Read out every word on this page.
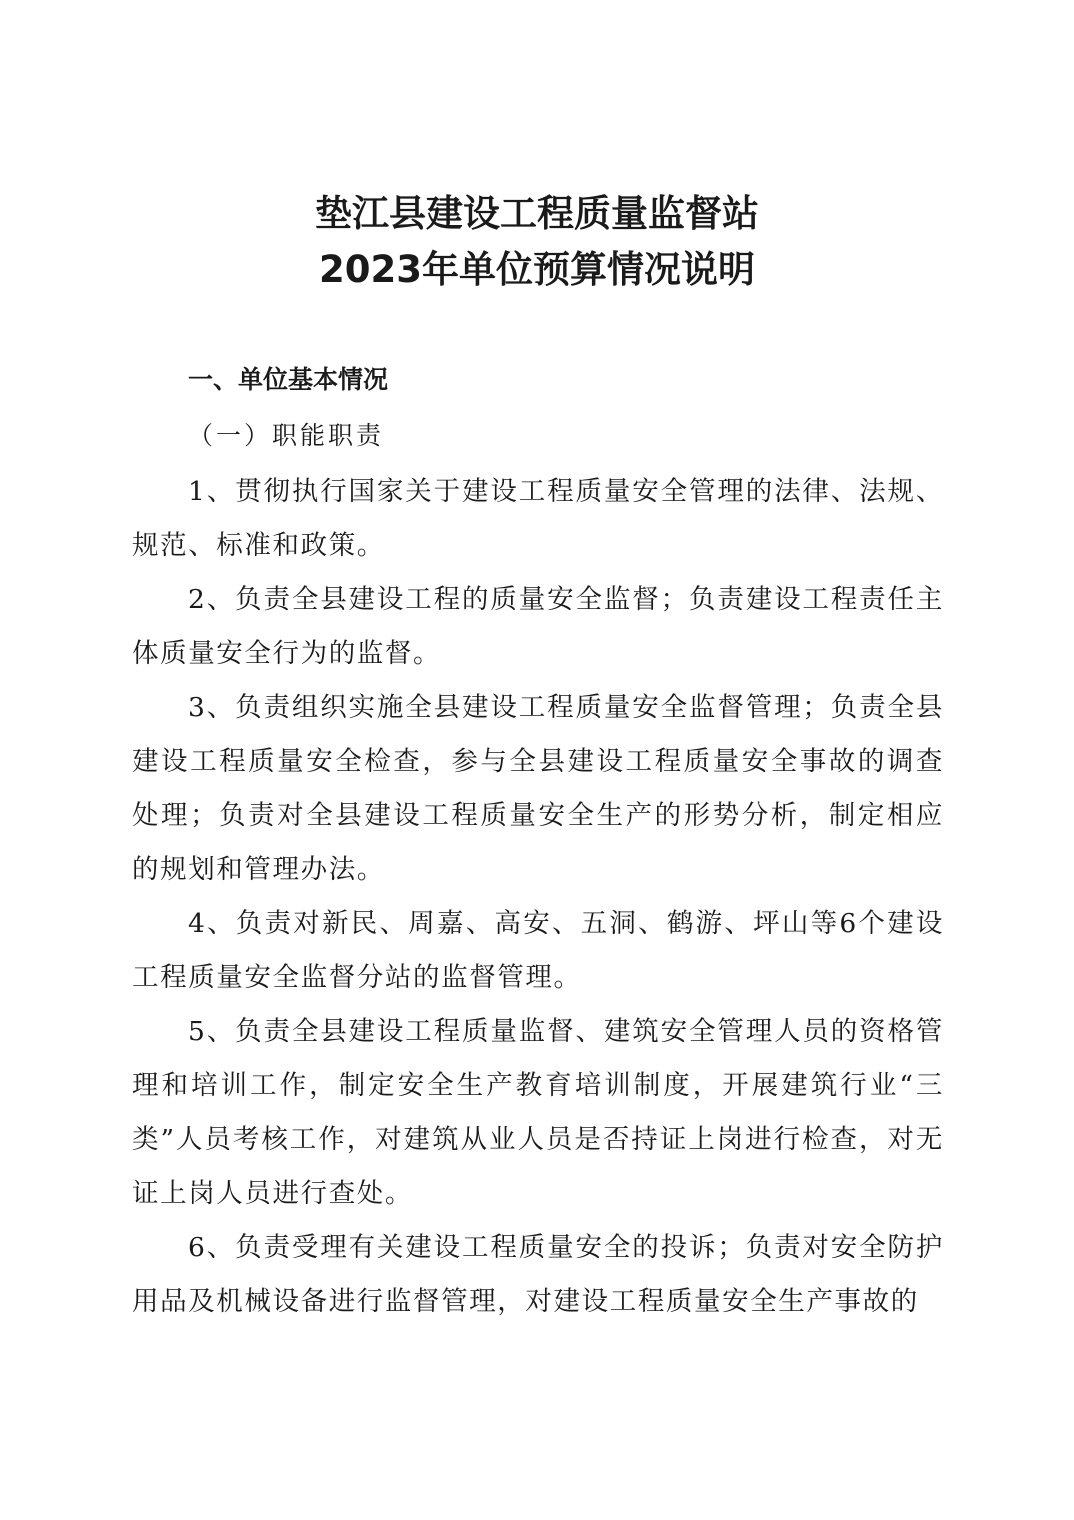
垫江县建设工程质量监督站
2023年单位预算情况说明
一、单位基本情况
（一）职能职责

1、贯彻执行国家关于建设工程质量安全管理的法律、法规、规范、标准和政策。

2、负责全县建设工程的质量安全监督；负责建设工程责任主体质量安全行为的监督。

3、负责组织实施全县建设工程质量安全监督管理；负责全县建设工程质量安全检查，参与全县建设工程质量安全事故的调查处理；负责对全县建设工程质量安全生产的形势分析，制定相应的规划和管理办法。

4、负责对新民、周嘉、高安、五洞、鹤游、坪山等6个建设工程质量安全监督分站的监督管理。

5、负责全县建设工程质量监督、建筑安全管理人员的资格管理和培训工作，制定安全生产教育培训制度，开展建筑行业“三类”人员考核工作，对建筑从业人员是否持证上岗进行检查，对无证上岗人员进行查处。

6、负责受理有关建设工程质量安全的投诉；负责对安全防护用品及机械设备进行监督管理，对建设工程质量安全生产事故的
